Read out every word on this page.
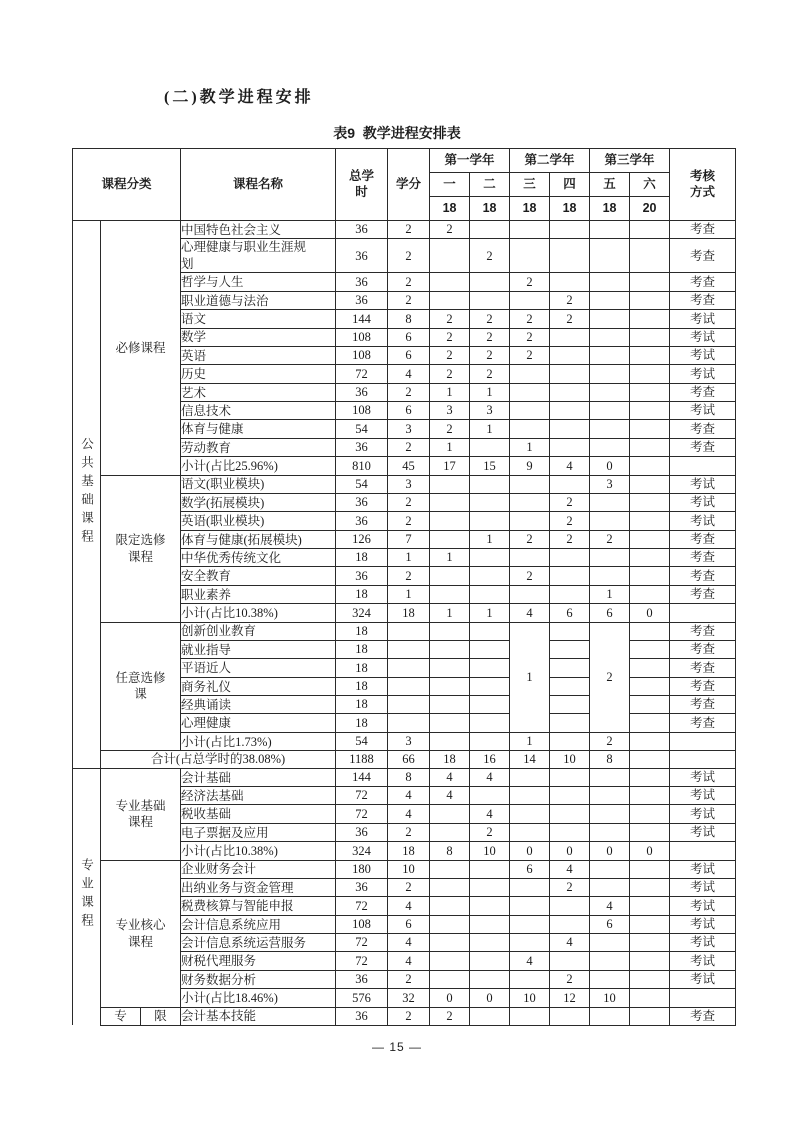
(二)教学进程安排
表9  教学进程安排表
课程分类			课程名称	总学时	学分	第一学年		第二学年		第三学年		考核方式
						一	二	三	四	五	六	
						18	18	18	18	18	20	
公共基础课程	必修课程		中国特色社会主义	36	2	2						考查
			心理健康与职业生涯规划	36	2		2					考查
			哲学与人生	36	2			2				考查
			职业道德与法治	36	2				2			考查
			语文	144	8	2	2	2	2			考试
			数学	108	6	2	2	2				考试
			英语	108	6	2	2	2				考试
			历史	72	4	2	2					考试
			艺术	36	2	1	1					考查
			信息技术	108	6	3	3					考试
			体育与健康	54	3	2	1					考查
			劳动教育	36	2	1		1				考查
			小计(占比25.96%)	810	45	17	15	9	4	0		
	限定选修课程		语文(职业模块)	54	3					3		考试
			数学(拓展模块)	36	2				2			考试
			英语(职业模块)	36	2				2			考试
			体育与健康(拓展模块)	126	7		1	2	2	2		考查
			中华优秀传统文化	18	1	1						考查
			安全教育	36	2			2				考查
			职业素养	18	1					1		考查
			小计(占比10.38%)	324	18	1	1	4	6	6	0	
	任意选修课		创新创业教育	18				1		2		考查
			就业指导	18								考查
			平语近人	18								考查
			商务礼仪	18								考查
			经典诵读	18								考查
			心理健康	18								考查
			小计(占比1.73%)	54	3			1		2		
	合计(占总学时的38.08%)			1188	66	18	16	14	10	8		
专业课程	专业基础课程		会计基础	144	8	4	4					考试
			经济法基础	72	4	4						考试
			税收基础	72	4		4					考试
			电子票据及应用	36	2		2					考试
			小计(占比10.38%)	324	18	8	10	0	0	0	0	
	专业核心课程		企业财务会计	180	10			6	4			考试
			出纳业务与资金管理	36	2				2			考试
			税费核算与智能申报	72	4					4		考试
			会计信息系统应用	108	6					6		考试
			会计信息系统运营服务	72	4				4			考试
			财税代理服务	72	4			4				考试
			财务数据分析	36	2				2			考试
			小计(占比18.46%)	576	32	0	0	10	12	10		
	专	限	会计基本技能	36	2	2						考查
— 15 —
